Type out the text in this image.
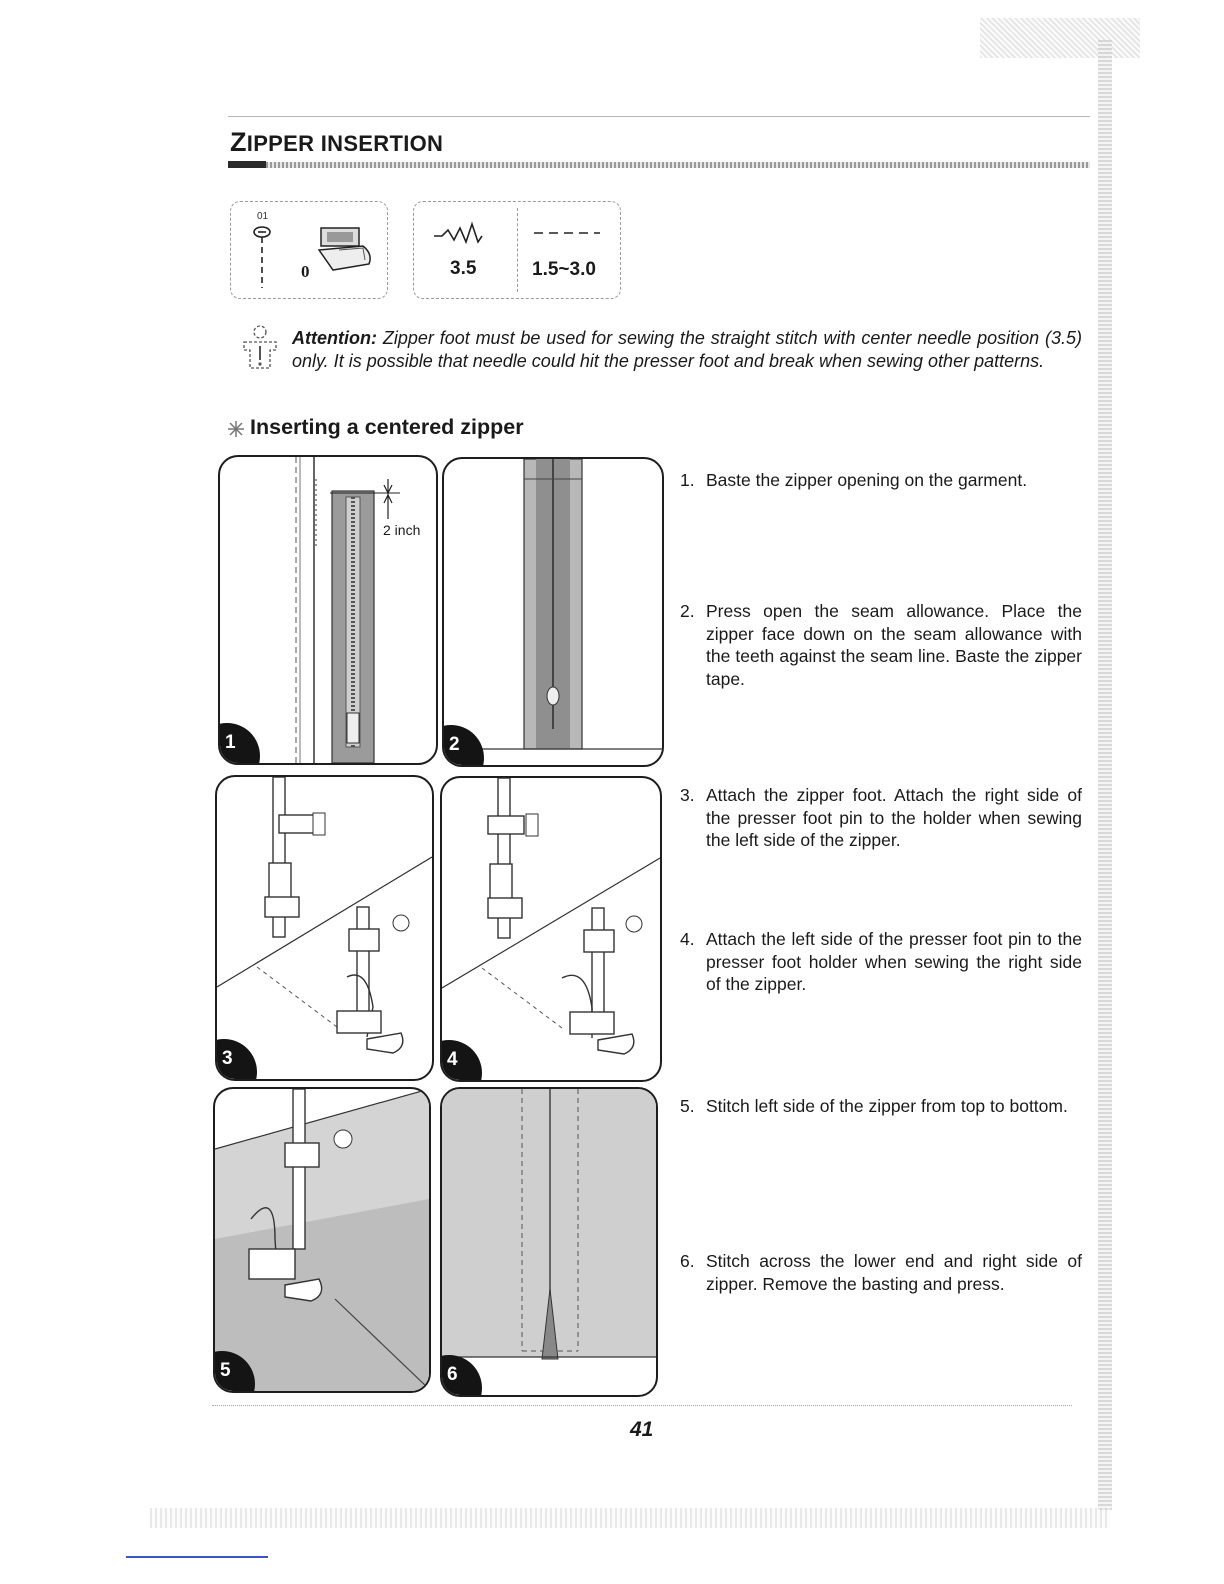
ZIPPER INSERTION
01
0	3.5	1.5~3.0
Attention: Zipper foot must be used for sewing the straight stitch with center needle position (3.5) only. It is possible that needle could hit the presser foot and break when sewing other patterns.
Inserting a centered zipper
2 inch
1	2
3	4
5	6
1. Baste the zipper opening on the garment.
2. Press open the seam allowance. Place the zipper face down on the seam allowance with the teeth against the seam line. Baste the zipper tape.
3. Attach the zipper foot. Attach the right side of the presser foot pin to the holder when sewing the left side of the zipper.
4. Attach the left side of the presser foot pin to the presser foot holder when sewing the right side of the zipper.
5. Stitch left side of the zipper from top to bottom.
6. Stitch across the lower end and right side of zipper. Remove the basting and press.
41
